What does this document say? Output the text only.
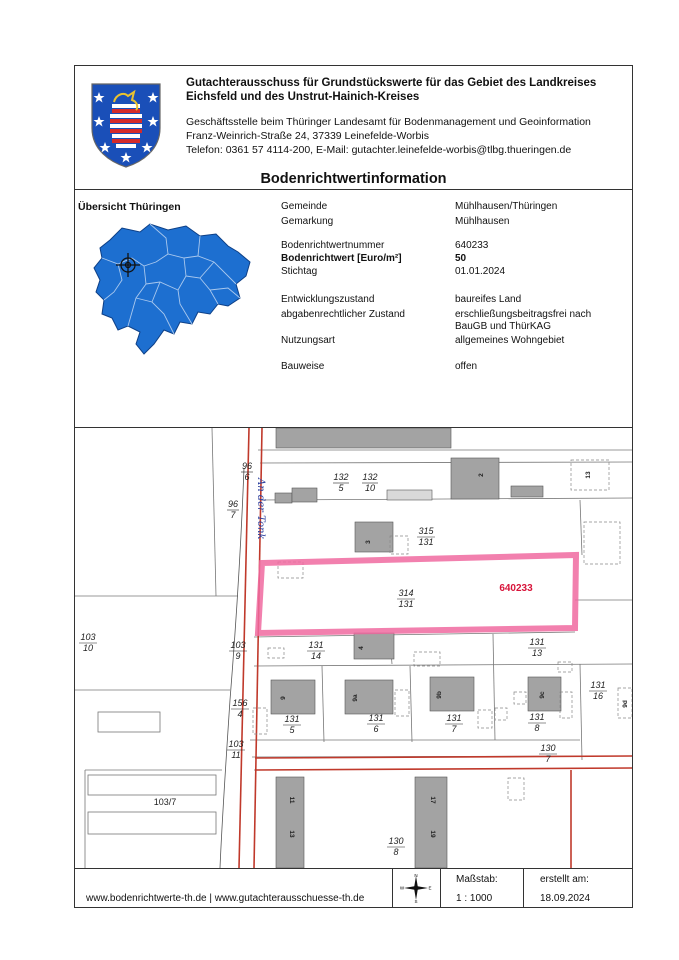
Gutachterausschuss für Grundstückswerte für das Gebiet des Landkreises
Eichsfeld und des Unstrut-Hainich-Kreises
Geschäftsstelle beim Thüringer Landesamt für Bodenmanagement und Geoinformation
Franz-Weinrich-Straße 24, 37339 Leinefelde-Worbis
Telefon: 0361 57 4114-200, E-Mail: gutachter.leinefelde-worbis@tlbg.thueringen.de
Bodenrichtwertinformation
Übersicht Thüringen	Gemeinde	Mühlhausen/Thüringen
Gemarkung	Mühlhausen
Bodenrichtwertnummer	640233
Bodenrichtwert [Euro/m²]	50
Stichtag	01.01.2024
Entwicklungszustand	baureifes Land
abgabenrechtlicher Zustand	erschließungsbeitragsfrei nach
BauGB und ThürKAG
Nutzungsart	allgemeines Wohngebiet
Bauweise	offen
132
5
132
10
96
6
96
7
315
131
314
131
103
10	103
9
131
14
131
13
156
4	131
5
131
6
131
7
131
8
131
16
103
11
130
7
130
8
103/7
640233
An der Tonk
2
3
4
9	9a	9b	9c
9d
11
13
17
19
13
www.bodenrichtwerte-th.de | www.gutachterausschuesse-th.de
N
S
E
W
Maßstab:
1 : 1000
erstellt am:
18.09.2024
